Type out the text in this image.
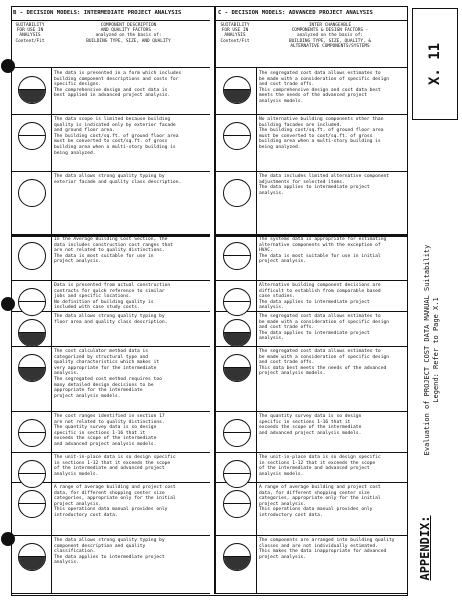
B - DECISION MODELS: INTERMEDIATE PROJECT ANALYSIS
SUITABILITY
FOR USE IN
ANALYSIS
Content/Fit
COMPONENT DESCRIPTION
AND QUALITY FACTORS -
analyzed on the basis of:
BUILDING TYPE, SIZE, AND QUALITY
The data is presented in a form which includes
building component descriptions and costs for
specific designs.
The comprehensive design and cost data is
best applied in advanced project analysis.
The data scope is limited because building
quality is indicated only by exterior facade
and ground floor area.
The building cost/sq.ft. of ground floor area
must be converted to cost/sq.ft. of gross
building area when a multi-story building is
being analyzed.
The data allows strong quality typing by
exterior facade and quality class description.
In the Average Building Cost Section, the
data includes construction cost ranges that
are not related to quality distinctions.
The data is most suitable for use in
project analysis.
Data is presented from actual construction
contracts for quick reference to similar
jobs and specific locations.
No definition of building quality is
included with case study costs.
The data allows strong quality typing by
floor area and quality class description.
The cost calculator method data is
categorized by structural type and
quality characteristics which makes it
very appropriate for the intermediate
analysis.
The segregated cost method requires too
many detailed design decisions to be
appropriate for the intermediate
project analysis models.
The cost ranges identified in section 17
are not related to quality distinctions.
The quantity survey data is so design
specific in sections 1-16 that it
exceeds the scope of the intermediate
and advanced project analysis models.
The unit-in-place data is so design specific
in sections 1-12 that it exceeds the scope
of the intermediate and advanced project
analysis models.
A range of average building and project cost
data, for different shopping center size
categories, appropriate only for the initial
project analysis.
This operations data manual provides only
introductory cost data.
The data allows strong quality typing by
component description and quality
classification.
The data applies to intermediate project
analysis.
C - DECISION MODELS: ADVANCED PROJECT ANALYSIS
SUITABILITY
FOR USE IN
ANALYSIS
Content/Fit
INTER CHANGEABLE
COMPONENTS & DESIGN FACTORS -
analyzed on the basis of:
BUILDING TYPE, SIZE, QUALITY, &
ALTERNATIVE COMPONENTS/SYSTEMS
The segregated cost data allows estimates to
be made with a consideration of specific design
and cost trade offs.
This comprehensive design and cost data best
meets the needs of the advanced project
analysis models.
No alternative building components other than
building facades are included.
The building cost/sq.ft. of ground floor area
must be converted to cost/sq.ft. of gross
building area when a multi-story building is
being analyzed.
The data includes limited alternative component
adjustments for selected items.
The data applies to intermediate project
analysis.
The systems data is appropriate for estimating
alternative components with the exception of
HVAC.
The data is most suitable for use in initial
project analysis.
Alternative building component decisions are
difficult to establish from comparable based
case studies.
The data applies to intermediate project
analysis.
The segregated cost data allows estimates to
be made with a consideration of specific design
and cost trade offs.
The data applies to intermediate project
analysis.
The segregated cost data allows estimates to
be made with a consideration of specific design
and cost trade offs.
This data best meets the needs of the advanced
project analysis models.
The quantity survey data is so design
specific in sections 1-16 that it
exceeds the scope of the intermediate
and advanced project analysis models.
The unit-in-place data is so design specific
in sections 1-12 that it exceeds the scope
of the intermediate and advanced project
analysis models.
A range of average building and project cost
data, for different shopping center size
categories, appropriate only for the initial
project analysis.
This operations data manual provides only
introductory cost data.
The components are arranged into building quality
classes and are not individually estimated.
This makes the data inappropriate for advanced
project analysis.
X. 11
Evaluation of PROJECT COST DATA MANUAL Suitability
Legend: Refer to Page X.1
APPENDIX:
